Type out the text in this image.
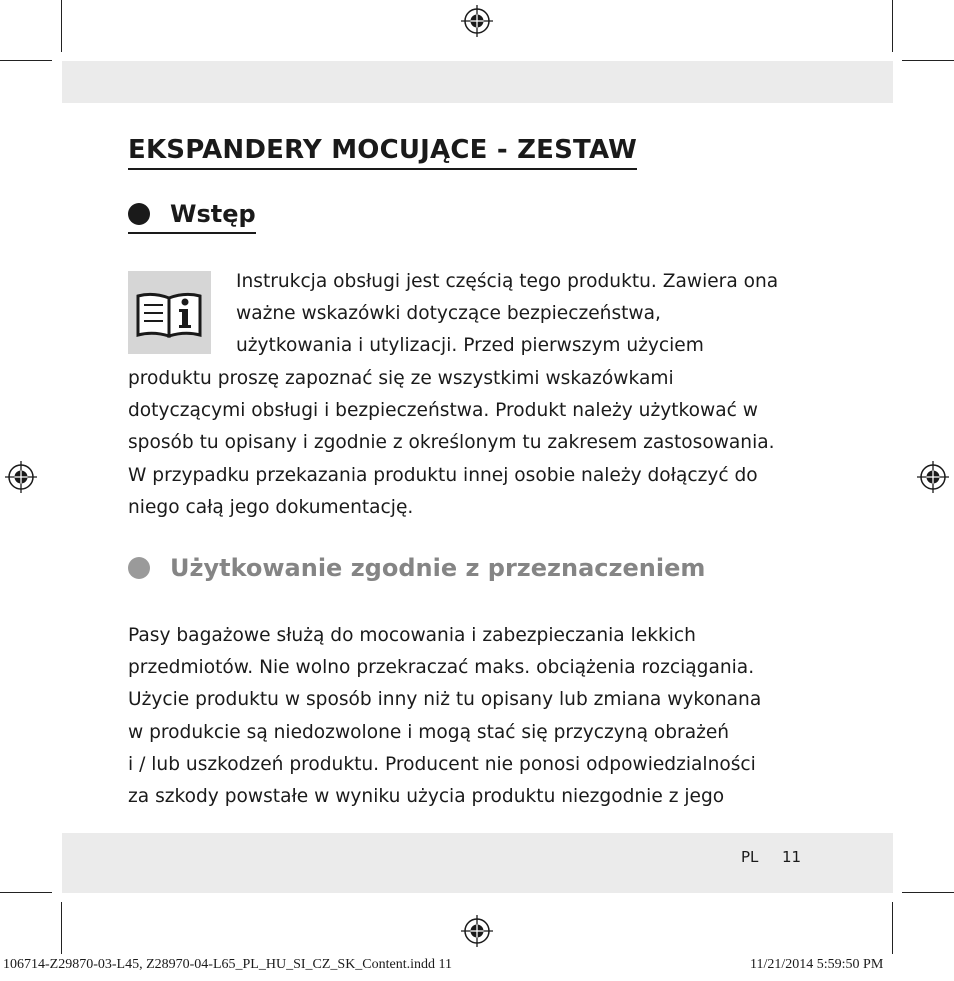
EKSPANDERY MOCUJĄCE - ZESTAW
Wstęp

Instrukcja obsługi jest częścią tego produktu. Zawiera ona
ważne wskazówki dotyczące bezpieczeństwa,
użytkowania i utylizacji. Przed pierwszym użyciem

produktu proszę zapoznać się ze wszystkimi wskazówkami
dotyczącymi obsługi i bezpieczeństwa. Produkt należy użytkować w
sposób tu opisany i zgodnie z określonym tu zakresem zastosowania.
W przypadku przekazania produktu innej osobie należy dołączyć do
niego całą jego dokumentację.

Użytkowanie zgodnie z przeznaczeniem

Pasy bagażowe służą do mocowania i zabezpieczania lekkich
przedmiotów. Nie wolno przekraczać maks. obciążenia rozciągania.
Użycie produktu w sposób inny niż tu opisany lub zmiana wykonana
w produkcie są niedozwolone i mogą stać się przyczyną obrażeń
i / lub uszkodzeń produktu. Producent nie ponosi odpowiedzialności
za szkody powstałe w wyniku użycia produktu niezgodnie z jego

PL 11
106714-Z29870-03-L45, Z28970-04-L65_PL_HU_SI_CZ_SK_Content.indd 11	11/21/2014 5:59:50 PM
